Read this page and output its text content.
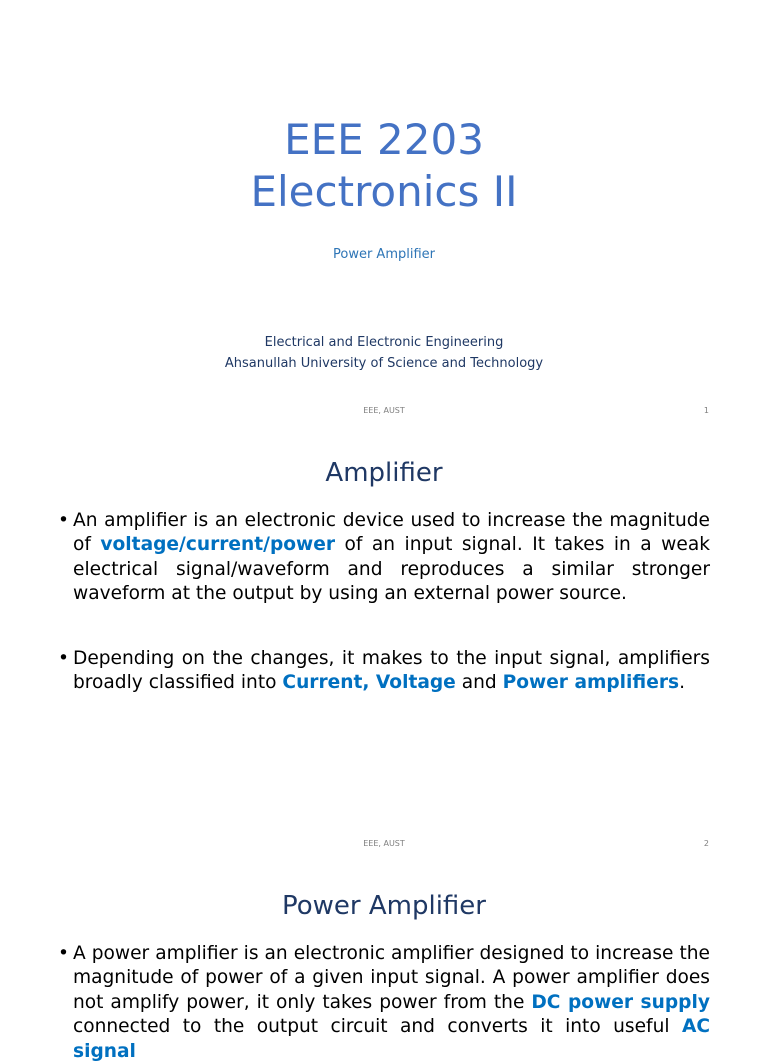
EEE 2203
Electronics II
Power Amplifier
Electrical and Electronic Engineering
Ahsanullah University of Science and Technology
EEE, AUST	1
Amplifier
• An amplifier is an electronic device used to increase the magnitude of voltage/current/power of an input signal. It takes in a weak electrical signal/waveform and reproduces a similar stronger waveform at the output by using an external power source.
• Depending on the changes, it makes to the input signal, amplifiers broadly classified into Current, Voltage and Power amplifiers.
EEE, AUST	2
Power Amplifier
• A power amplifier is an electronic amplifier designed to increase the magnitude of power of a given input signal. A power amplifier does not amplify power, it only takes power from the DC power supply connected to the output circuit and converts it into useful AC signal
